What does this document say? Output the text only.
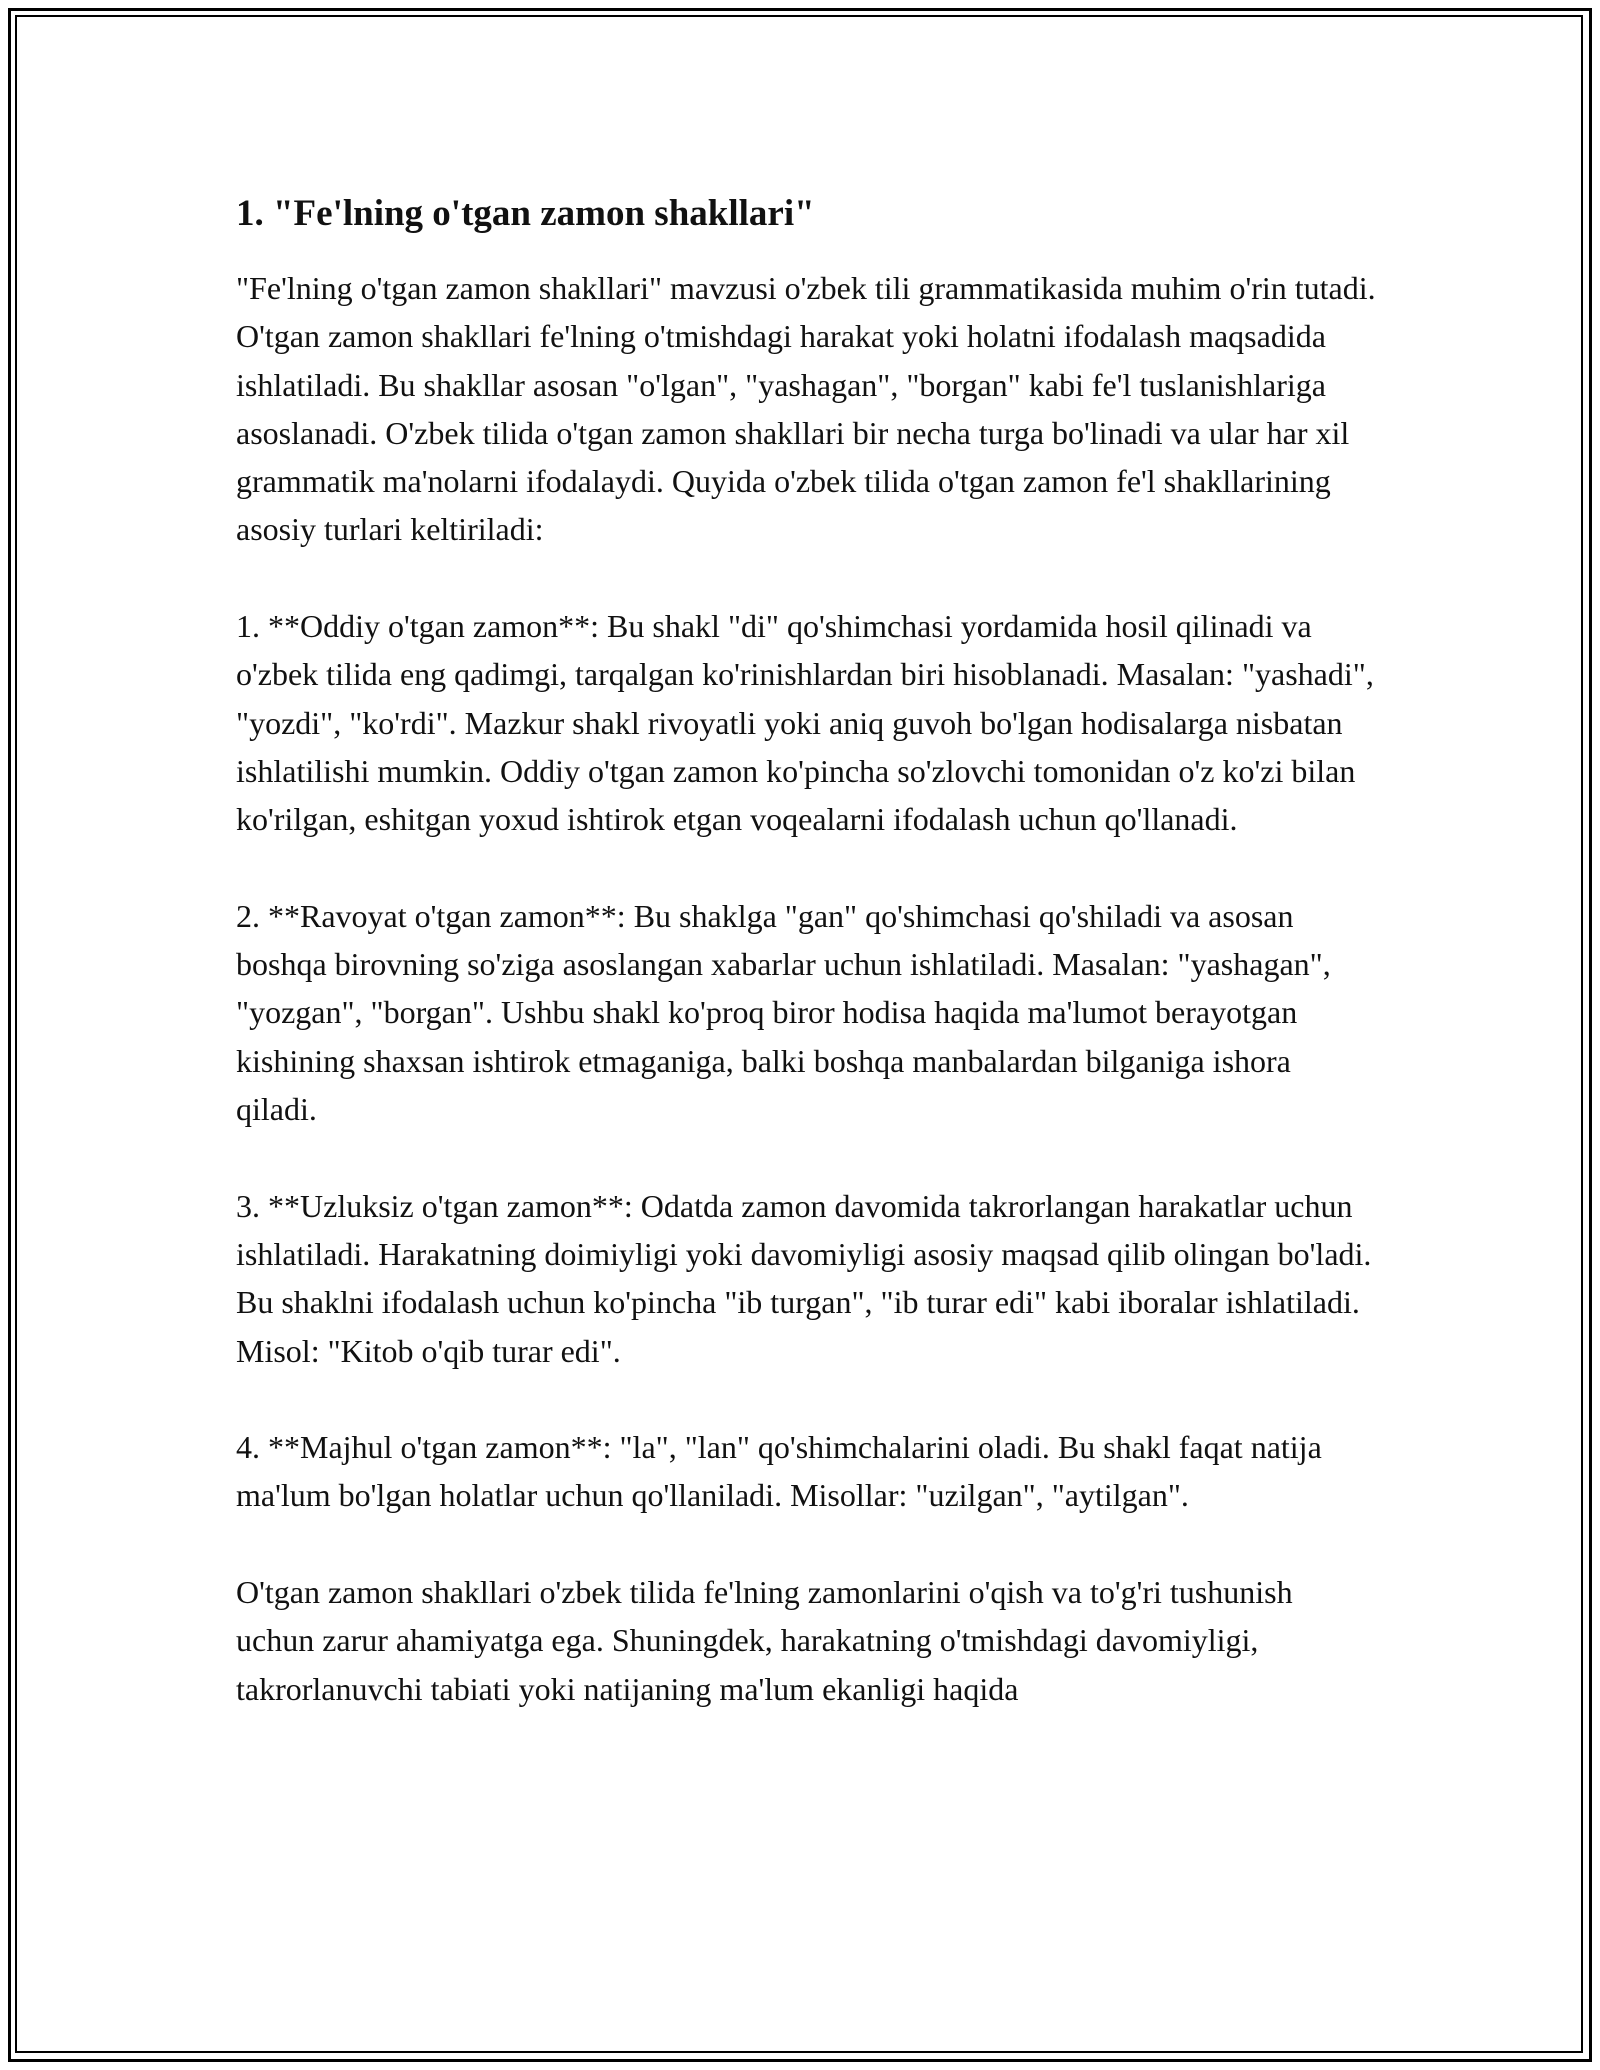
1. "Fe'lning o'tgan zamon shakllari"

"Fe'lning o'tgan zamon shakllari" mavzusi o'zbek tili grammatikasida muhim o'rin tutadi. O'tgan zamon shakllari fe'lning o'tmishdagi harakat yoki holatni ifodalash maqsadida ishlatiladi. Bu shakllar asosan "o'lgan", "yashagan", "borgan" kabi fe'l tuslanishlariga asoslanadi. O'zbek tilida o'tgan zamon shakllari bir necha turga bo'linadi va ular har xil grammatik ma'nolarni ifodalaydi. Quyida o'zbek tilida o'tgan zamon fe'l shakllarining asosiy turlari keltiriladi:

1. **Oddiy o'tgan zamon**: Bu shakl "di" qo'shimchasi yordamida hosil qilinadi va o'zbek tilida eng qadimgi, tarqalgan ko'rinishlardan biri hisoblanadi. Masalan: "yashadi", "yozdi", "ko'rdi". Mazkur shakl rivoyatli yoki aniq guvoh bo'lgan hodisalarga nisbatan ishlatilishi mumkin. Oddiy o'tgan zamon ko'pincha so'zlovchi tomonidan o'z ko'zi bilan ko'rilgan, eshitgan yoxud ishtirok etgan voqealarni ifodalash uchun qo'llanadi.

2. **Ravoyat o'tgan zamon**: Bu shaklga "gan" qo'shimchasi qo'shiladi va asosan boshqa birovning so'ziga asoslangan xabarlar uchun ishlatiladi. Masalan: "yashagan", "yozgan", "borgan". Ushbu shakl ko'proq biror hodisa haqida ma'lumot berayotgan kishining shaxsan ishtirok etmaganiga, balki boshqa manbalardan bilganiga ishora qiladi.

3. **Uzluksiz o'tgan zamon**: Odatda zamon davomida takrorlangan harakatlar uchun ishlatiladi. Harakatning doimiyligi yoki davomiyligi asosiy maqsad qilib olingan bo'ladi. Bu shaklni ifodalash uchun ko'pincha "ib turgan", "ib turar edi" kabi iboralar ishlatiladi. Misol: "Kitob o'qib turar edi".

4. **Majhul o'tgan zamon**: "la", "lan" qo'shimchalarini oladi. Bu shakl faqat natija ma'lum bo'lgan holatlar uchun qo'llaniladi. Misollar: "uzilgan", "aytilgan".

O'tgan zamon shakllari o'zbek tilida fe'lning zamonlarini o'qish va to'g'ri tushunish uchun zarur ahamiyatga ega. Shuningdek, harakatning o'tmishdagi davomiyligi, takrorlanuvchi tabiati yoki natijaning ma'lum ekanligi haqida
